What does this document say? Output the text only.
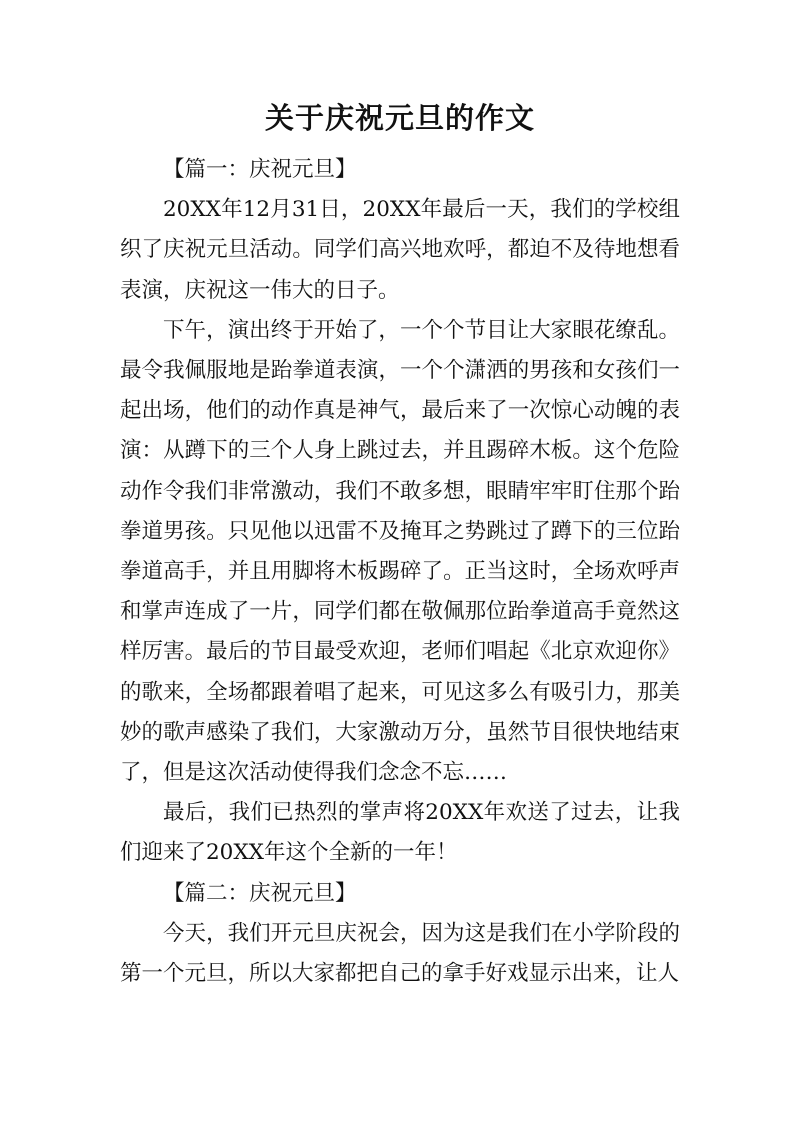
关于庆祝元旦的作文

【篇一：庆祝元旦】

20XX年12月31日，20XX年最后一天，我们的学校组织了庆祝元旦活动。同学们高兴地欢呼，都迫不及待地想看表演，庆祝这一伟大的日子。

下午，演出终于开始了，一个个节目让大家眼花缭乱。最令我佩服地是跆拳道表演，一个个潇洒的男孩和女孩们一起出场，他们的动作真是神气，最后来了一次惊心动魄的表演：从蹲下的三个人身上跳过去，并且踢碎木板。这个危险动作令我们非常激动，我们不敢多想，眼睛牢牢盯住那个跆拳道男孩。只见他以迅雷不及掩耳之势跳过了蹲下的三位跆拳道高手，并且用脚将木板踢碎了。正当这时，全场欢呼声和掌声连成了一片，同学们都在敬佩那位跆拳道高手竟然这样厉害。最后的节目最受欢迎，老师们唱起《北京欢迎你》的歌来，全场都跟着唱了起来，可见这多么有吸引力，那美妙的歌声感染了我们，大家激动万分，虽然节目很快地结束了，但是这次活动使得我们念念不忘……

最后，我们已热烈的掌声将20XX年欢送了过去，让我们迎来了20XX年这个全新的一年！

【篇二：庆祝元旦】

今天，我们开元旦庆祝会，因为这是我们在小学阶段的第一个元旦，所以大家都把自己的拿手好戏显示出来，让人
